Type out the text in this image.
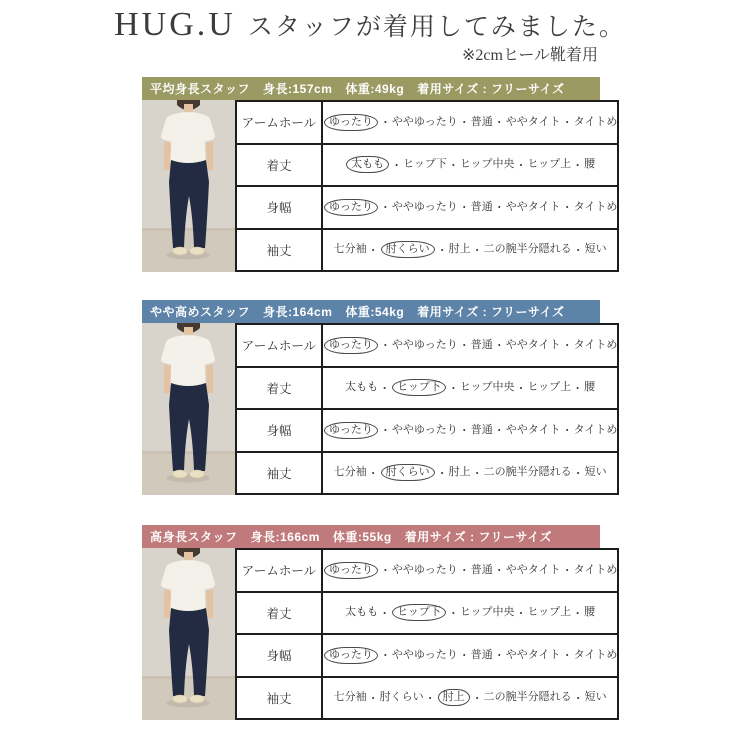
HUG.U スタッフが着用してみました。
※2cmヒール靴着用
平均身長スタッフ 身長:157cm 体重:49kg 着用サイズ : フリーサイズ
アームホール	ゆったり ・ ややゆったり ・ 普通 ・ ややタイト ・ タイトめ
着丈	太もも ・ ヒップ下 ・ ヒップ中央 ・ ヒップ上 ・ 腰
身幅	ゆったり ・ ややゆったり ・ 普通 ・ ややタイト ・ タイトめ
袖丈	七分袖 ・ 肘くらい ・ 肘上 ・ 二の腕半分隠れる ・ 短い
やや高めスタッフ 身長:164cm 体重:54kg 着用サイズ : フリーサイズ
アームホール	ゆったり ・ ややゆったり ・ 普通 ・ ややタイト ・ タイトめ
着丈	太もも ・ ヒップ下 ・ ヒップ中央 ・ ヒップ上 ・ 腰
身幅	ゆったり ・ ややゆったり ・ 普通 ・ ややタイト ・ タイトめ
袖丈	七分袖 ・ 肘くらい ・ 肘上 ・ 二の腕半分隠れる ・ 短い
高身長スタッフ 身長:166cm 体重:55kg 着用サイズ : フリーサイズ
アームホール	ゆったり ・ ややゆったり ・ 普通 ・ ややタイト ・ タイトめ
着丈	太もも ・ ヒップ下 ・ ヒップ中央 ・ ヒップ上 ・ 腰
身幅	ゆったり ・ ややゆったり ・ 普通 ・ ややタイト ・ タイトめ
袖丈	七分袖 ・ 肘くらい ・ 肘上 ・ 二の腕半分隠れる ・ 短い
